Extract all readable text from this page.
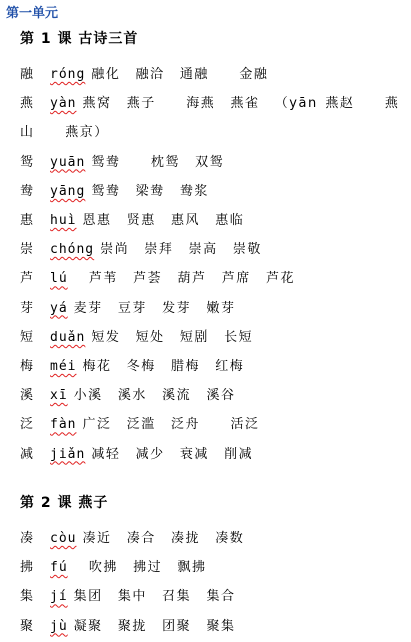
第一单元
第 1 课 古诗三首
融 róng 融化  融洽  通融    金融
燕 yàn 燕窝  燕子    海燕  燕雀  （yān 燕赵    燕
山  燕京）
鸳 yuān 鸳鸯    枕鸳  双鸳
鸯 yāng 鸳鸯  梁鸯  鸯浆
惠 huì 恩惠  贤惠  惠风  惠临
崇 chóng 崇尚  崇拜  崇高  崇敬
芦 lú  芦苇  芦荟  葫芦  芦席  芦花
芽 yá 麦芽  豆芽  发芽  嫩芽
短 duǎn 短发  短处  短剧  长短
梅 méi 梅花  冬梅  腊梅  红梅
溪 xī 小溪  溪水  溪流  溪谷
泛 fàn 广泛  泛滥  泛舟    活泛
减 jiǎn 减轻  减少  衰减  削减
第 2 课 燕子
凑 còu 凑近  凑合  凑拢  凑数
拂 fú  吹拂  拂过  飘拂
集 jí 集团  集中  召集  集合
聚 jù 凝聚  聚拢  团聚  聚集
